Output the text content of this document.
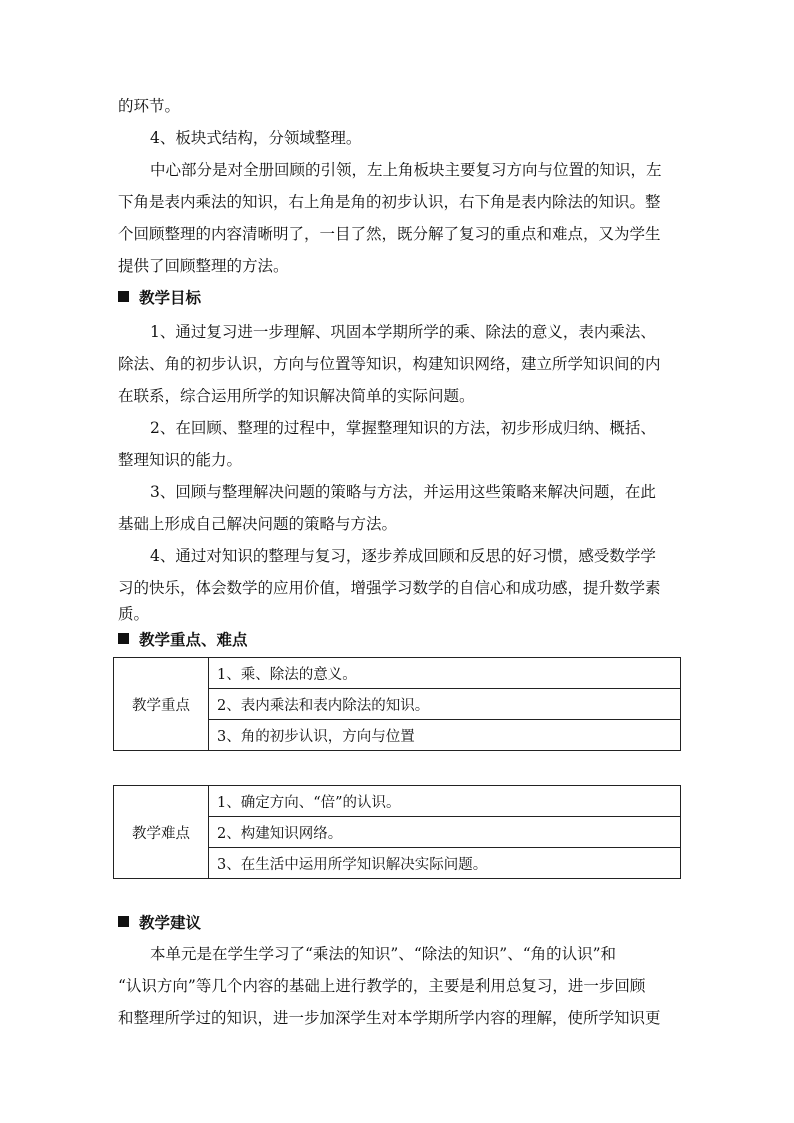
的环节。
4、板块式结构，分领域整理。
中心部分是对全册回顾的引领，左上角板块主要复习方向与位置的知识，左
下角是表内乘法的知识，右上角是角的初步认识，右下角是表内除法的知识。整
个回顾整理的内容清晰明了，一目了然，既分解了复习的重点和难点，又为学生
提供了回顾整理的方法。
教学目标
1、通过复习进一步理解、巩固本学期所学的乘、除法的意义，表内乘法、
除法、角的初步认识，方向与位置等知识，构建知识网络，建立所学知识间的内
在联系，综合运用所学的知识解决简单的实际问题。
2、在回顾、整理的过程中，掌握整理知识的方法，初步形成归纳、概括、
整理知识的能力。
3、回顾与整理解决问题的策略与方法，并运用这些策略来解决问题，在此
基础上形成自己解决问题的策略与方法。
4、通过对知识的整理与复习，逐步养成回顾和反思的好习惯，感受数学学
习的快乐，体会数学的应用价值，增强学习数学的自信心和成功感，提升数学素
质。
教学重点、难点
教学重点	1、乘、除法的意义。
2、表内乘法和表内除法的知识。
3、角的初步认识，方向与位置
教学难点	1、确定方向、“倍”的认识。
2、构建知识网络。
3、在生活中运用所学知识解决实际问题。
教学建议
本单元是在学生学习了“乘法的知识”、“除法的知识”、“角的认识”和
“认识方向”等几个内容的基础上进行教学的，主要是利用总复习，进一步回顾
和整理所学过的知识，进一步加深学生对本学期所学内容的理解，使所学知识更
